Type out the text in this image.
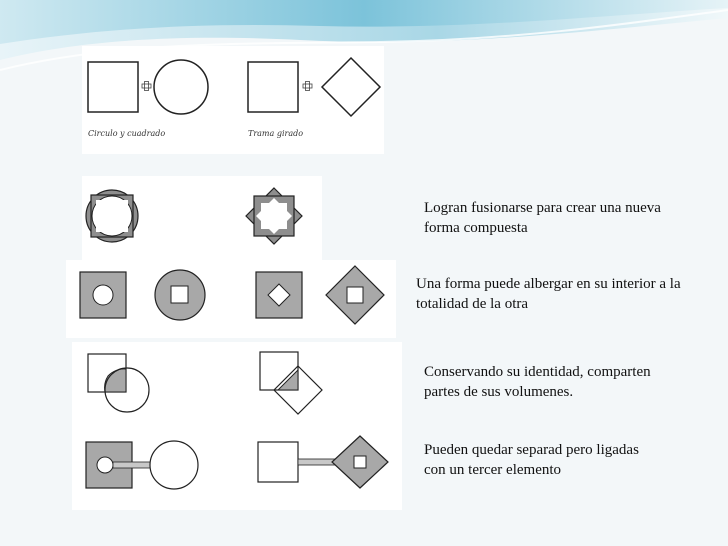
Circulo y cuadrado	Trama girado
Logran fusionarse para crear una nueva forma compuesta
Una forma puede albergar en su interior a la totalidad de la otra
Conservando su identidad, comparten partes de sus volumenes.
Pueden quedar separad pero ligadas con un tercer elemento
